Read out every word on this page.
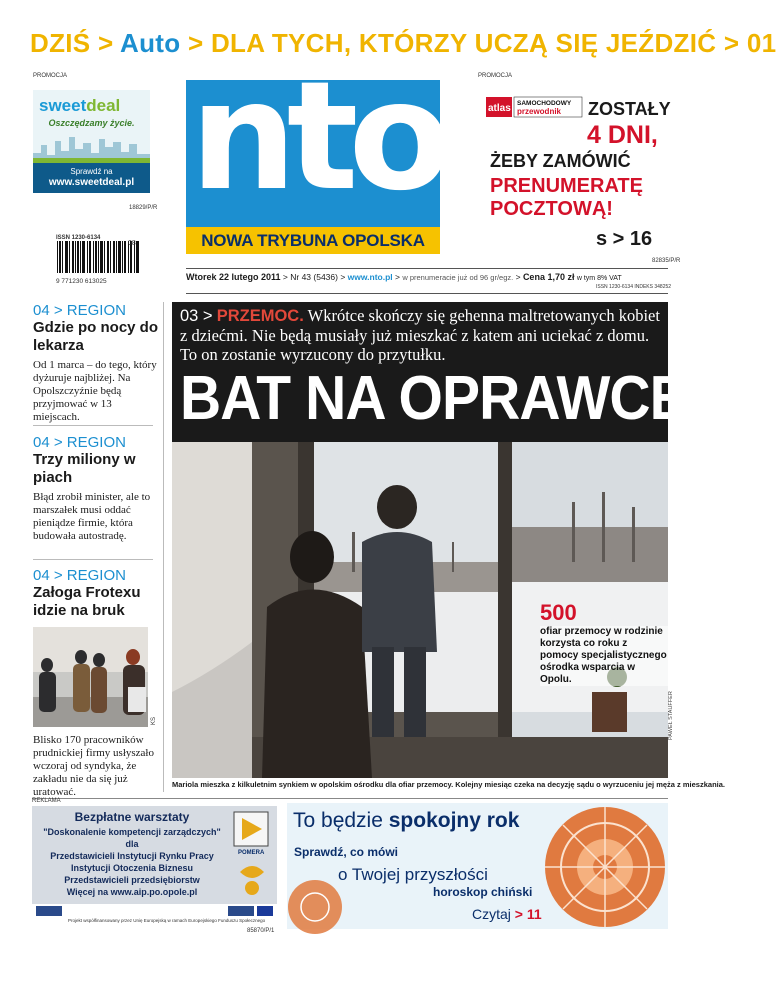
DZIŚ > Auto > DLA TYCH, KTÓRZY UCZĄ SIĘ JEŹDZIĆ > 01
PROMOCJA	PROMOCJA
sweetdeal
Oszczędzamy życie.
Sprawdź na
www.sweetdeal.pl
18829/P/R
ISSN 1230-6134
9 771230 613025
08
nto
NOWA TRYBUNA OPOLSKA
atlas SAMOCHODOWY
przewodnik ZOSTAŁY
4 DNI,
ŻEBY ZAMÓWIĆ
PRENUMERATĘ
POCZTOWĄ!
s > 16
82835/P/R
Wtorek 22 lutego 2011 > Nr 43 (5436) > www.nto.pl > w prenumeracie już od 96 gr/egz. > Cena 1,70 zł w tym 8% VAT
ISSN 1230-6134 INDEKS 348252
04 > REGION
Gdzie po nocy do lekarza
Od 1 marca – do tego, który dyżuruje najbliżej. Na Opolszczyźnie będą przyjmować w 13 miejscach.
04 > REGION
Trzy miliony w piach
Błąd zrobił minister, ale to marszałek musi oddać pieniądze firmie, która budowała autostradę.
04 > REGION
Załoga Frotexu idzie na bruk
KS
Blisko 170 pracowników prudnickiej firmy usłyszało wczoraj od syndyka, że zakładu nie da się już uratować.
03 > PRZEMOC. Wkrótce skończy się gehenna maltretowanych kobiet z dziećmi. Nie będą musiały już mieszkać z katem ani uciekać z domu. To on zostanie wyrzucony do przytułku.
BAT NA OPRAWCĘ
500
ofiar przemocy w rodzinie korzysta co roku z pomocy specjalistycznego ośrodka wsparcia w Opolu.
Mariola mieszka z kilkuletnim synkiem w opolskim ośrodku dla ofiar przemocy. Kolejny miesiąc czeka na decyzję sądu o wyrzuceniu jej męża z mieszkania.
PAWEŁ STAUFFER
REKLAMA
Bezpłatne warsztaty
"Doskonalenie kompetencji zarządczych"
dla
Przedstawicieli Instytucji Rynku Pracy
Instytucji Otoczenia Biznesu
Przedstawicieli przedsiębiorstw
Więcej na www.aip.po.opole.pl
POMERA
Projekt współfinansowany przez Unię Europejską w ramach Europejskiego Funduszu Społecznego
85870/P/1
To będzie spokojny rok
Sprawdź, co mówi
o Twojej przyszłości
horoskop chiński
Czytaj > 11
